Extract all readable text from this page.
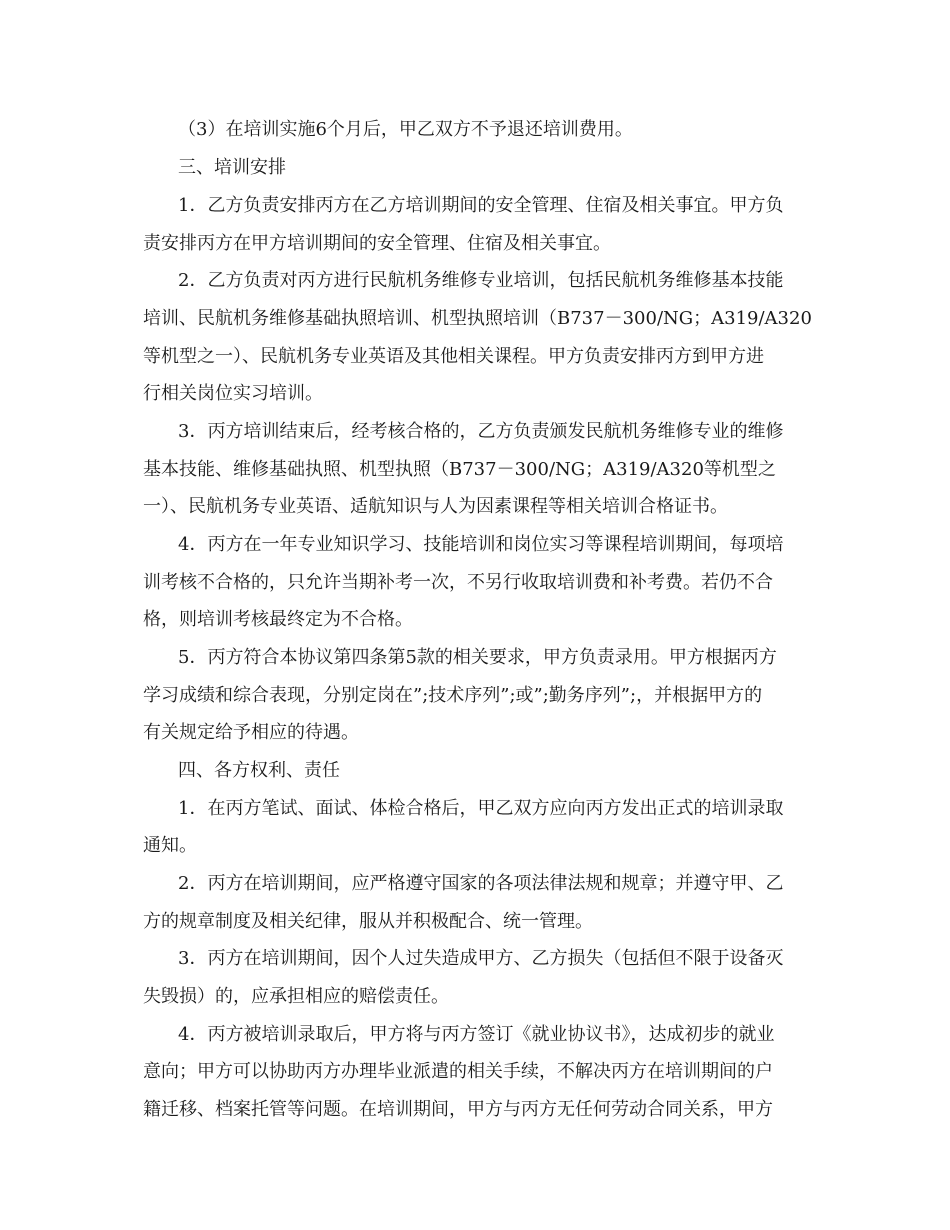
（3）在培训实施6个月后，甲乙双方不予退还培训费用。
三、培训安排
1．乙方负责安排丙方在乙方培训期间的安全管理、住宿及相关事宜。甲方负
责安排丙方在甲方培训期间的安全管理、住宿及相关事宜。
2．乙方负责对丙方进行民航机务维修专业培训，包括民航机务维修基本技能
培训、民航机务维修基础执照培训、机型执照培训（B737－300/NG；A319/A320
等机型之一）、民航机务专业英语及其他相关课程。甲方负责安排丙方到甲方进
行相关岗位实习培训。
3．丙方培训结束后，经考核合格的，乙方负责颁发民航机务维修专业的维修
基本技能、维修基础执照、机型执照（B737－300/NG；A319/A320等机型之
一）、民航机务专业英语、适航知识与人为因素课程等相关培训合格证书。
4．丙方在一年专业知识学习、技能培训和岗位实习等课程培训期间，每项培
训考核不合格的，只允许当期补考一次，不另行收取培训费和补考费。若仍不合
格，则培训考核最终定为不合格。
5．丙方符合本协议第四条第5款的相关要求，甲方负责录用。甲方根据丙方
学习成绩和综合表现，分别定岗在”;技术序列”;或”;勤务序列”;，并根据甲方的
有关规定给予相应的待遇。
四、各方权利、责任
1．在丙方笔试、面试、体检合格后，甲乙双方应向丙方发出正式的培训录取
通知。
2．丙方在培训期间，应严格遵守国家的各项法律法规和规章；并遵守甲、乙
方的规章制度及相关纪律，服从并积极配合、统一管理。
3．丙方在培训期间，因个人过失造成甲方、乙方损失（包括但不限于设备灭
失毁损）的，应承担相应的赔偿责任。
4．丙方被培训录取后，甲方将与丙方签订《就业协议书》，达成初步的就业
意向；甲方可以协助丙方办理毕业派遣的相关手续，不解决丙方在培训期间的户
籍迁移、档案托管等问题。在培训期间，甲方与丙方无任何劳动合同关系，甲方
